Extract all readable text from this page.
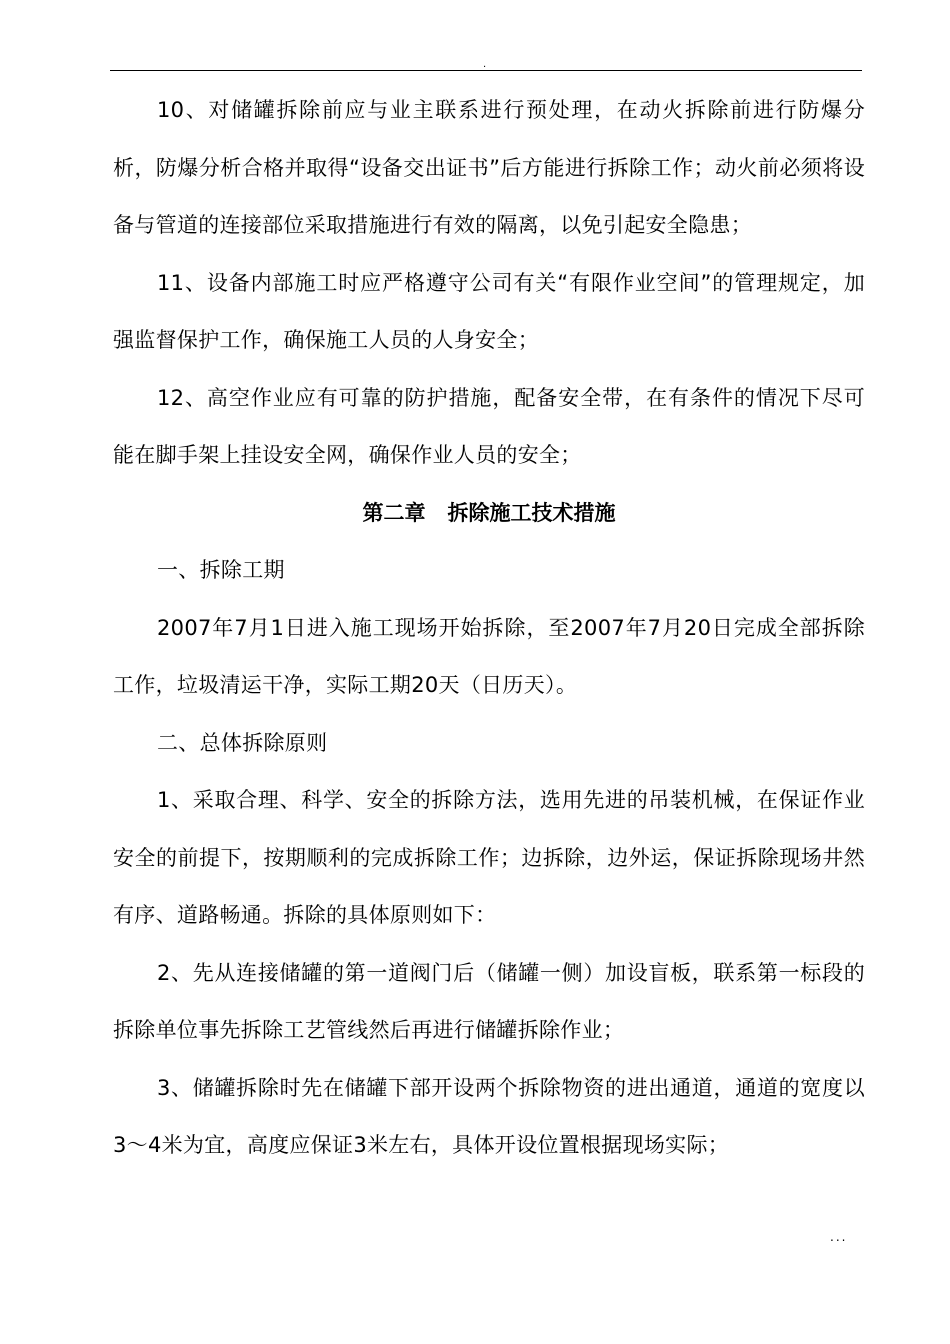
.

10、对储罐拆除前应与业主联系进行预处理，在动火拆除前进行防爆分析，防爆分析合格并取得“设备交出证书”后方能进行拆除工作；动火前必须将设备与管道的连接部位采取措施进行有效的隔离，以免引起安全隐患；

11、设备内部施工时应严格遵守公司有关“有限作业空间”的管理规定，加强监督保护工作，确保施工人员的人身安全；

12、高空作业应有可靠的防护措施，配备安全带，在有条件的情况下尽可能在脚手架上挂设安全网，确保作业人员的安全；

第二章 拆除施工技术措施

一、拆除工期

2007年7月1日进入施工现场开始拆除，至2007年7月20日完成全部拆除工作，垃圾清运干净，实际工期20天（日历天）。

二、总体拆除原则

1、采取合理、科学、安全的拆除方法，选用先进的吊装机械，在保证作业安全的前提下，按期顺利的完成拆除工作；边拆除，边外运，保证拆除现场井然有序、道路畅通。拆除的具体原则如下：

2、先从连接储罐的第一道阀门后（储罐一侧）加设盲板，联系第一标段的拆除单位事先拆除工艺管线然后再进行储罐拆除作业；

3、储罐拆除时先在储罐下部开设两个拆除物资的进出通道，通道的宽度以3～4米为宜，高度应保证3米左右，具体开设位置根据现场实际；

...
